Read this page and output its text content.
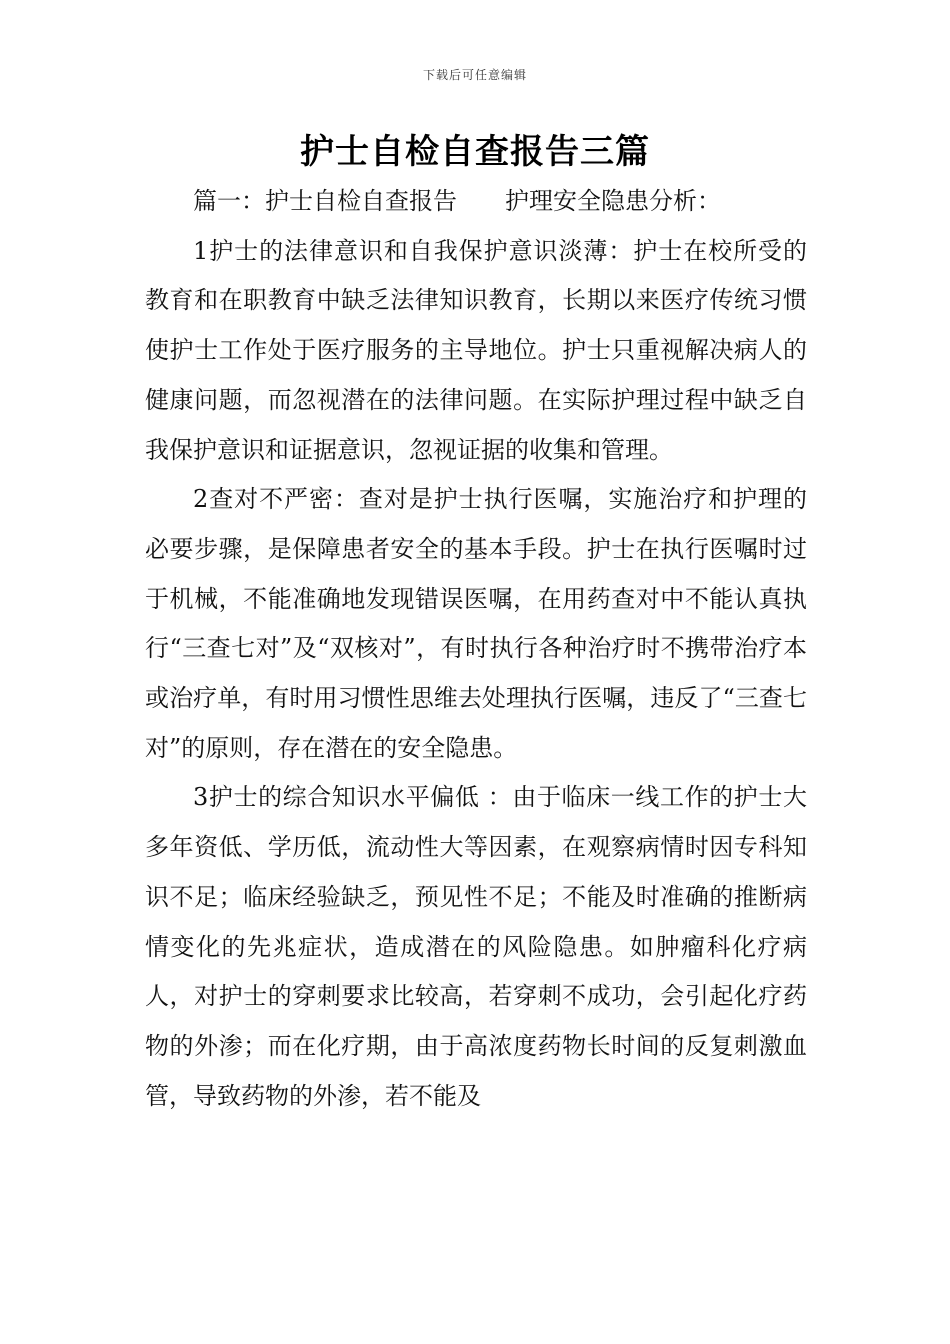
下载后可任意编辑
护士自检自查报告三篇

篇一：护士自检自查报告 护理安全隐患分析：

1护士的法律意识和自我保护意识淡薄：护士在校所受的教育和在职教育中缺乏法律知识教育，长期以来医疗传统习惯使护士工作处于医疗服务的主导地位。护士只重视解决病人的健康问题，而忽视潜在的法律问题。在实际护理过程中缺乏自我保护意识和证据意识，忽视证据的收集和管理。

2查对不严密：查对是护士执行医嘱，实施治疗和护理的必要步骤，是保障患者安全的基本手段。护士在执行医嘱时过于机械，不能准确地发现错误医嘱，在用药查对中不能认真执行“三查七对”及“双核对”，有时执行各种治疗时不携带治疗本或治疗单，有时用习惯性思维去处理执行医嘱，违反了“三查七对”的原则，存在潜在的安全隐患。

3护士的综合知识水平偏低 ：由于临床一线工作的护士大多年资低、学历低，流动性大等因素，在观察病情时因专科知识不足；临床经验缺乏，预见性不足；不能及时准确的推断病情变化的先兆症状，造成潜在的风险隐患。如肿瘤科化疗病人，对护士的穿刺要求比较高，若穿刺不成功，会引起化疗药物的外渗；而在化疗期，由于高浓度药物长时间的反复刺激血管，导致药物的外渗，若不能及
